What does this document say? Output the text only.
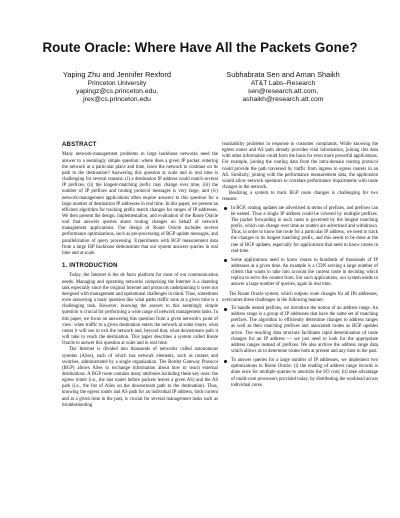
Route Oracle: Where Have All the Packets Gone?
Yaping Zhu and Jennifer Rexford
Princeton University
yapingz@cs.princeton.edu,
jrex@cs.princeton.edu
Subhabrata Sen and Aman Shaikh
AT&T Labs–Research
sen@research.att.com,
ashaikh@research.att.com
ABSTRACT

Many network-management problems in large backbone networks need the answer to a seemingly simple question: where does a given IP packet, entering the network at a particular place and time, leave the network to continue on its path to the destination? Answering this question at scale and in real time is challenging for several reasons: (i) a destination IP address could match several IP prefixes, (ii) the longest-matching prefix may change over time, (iii) the number of IP prefixes and routing protocol messages is very large, and (iv) network-management applications often require answers to this question for a large number of destination IP addresses in real time. In this paper, we present an efficient algorithm for tracking prefix match changes for ranges of IP addresses. We then present the design, implementation, and evaluation of the Route Oracle tool that answers queries about routing changes on behalf of network management applications. Our design of Route Oracle includes several performance optimizations, such as pre-processing of BGP update messages, and parallelization of query processing. Experiments with BGP measurement data from a large ISP backbone demonstrate that our system answers queries in real time and at scale.

1. INTRODUCTION

Today, the Internet is the de facto platform for most of our communication needs. Managing and operating networks comprising the Internet is a daunting task especially since the original Internet and protocols underpinning it were not designed with management and operational challenges in mind. Thus, sometimes even answering a basic question like what paths traffic took at a given time is a challenging task. However, knowing the answer to this seemingly simple question is crucial for performing a wide range of network management tasks. In this paper, we focus on answering this question from a given network's point of view: when traffic to a given destination enters the network at some router, what router it will use to exit the network and, beyond that, what downstream path it will take to reach the destination. This paper describes a system called Route Oracle to answer this question at scale and in real time.

The Internet is divided into thousands of networks called autonomous systems (ASes), each of which has network elements, such as routers and switches, administrated by a single organization. The Border Gateway Protocol (BGP) allows ASes to exchange information about how to reach external destinations. A BGP route contains many attributes including these key ones: the egress router (i.e., the last router before packets leaves a given AS) and the AS path (i.e., the list of ASes on the downstream path to the destination). Thus, knowing the egress router and AS path for an individual IP address, both current and at a given time in the past, is crucial for several management tasks such as troubleshooting

reachability problems in response to customer complaints. While knowing the egress router and AS path already provides vital information, joining this data with other information could form the basis for even more powerful applications. For example, joining the routing data from the intra-domain routing protocol could provide the path traversed by traffic from ingress to egress routers in an AS. Similarly, joining with the performance measurement data, the application would allow network operators to correlate performance impairments with route changes in the network.

Realizing a system to track BGP route changes is challenging for two reasons:

In BGP, routing updates are advertised in terms of prefixes, and prefixes can be nested. Thus a single IP address could be covered by multiple prefixes. The packet forwarding in such cases is governed by the longest matching prefix, which can change over time as routers are advertised and withdrawn. Thus, in order to know the route for a particular IP address, we need to track the changes to its longest matching prefix, and this needs to be done at the rate of BGP updates, especially for applications that need to know routes in real-time.
Some applications need to know routes to hundreds of thousands of IP addresses at a given time. An example is a CDN serving a large number of clients that wants to take into account the current route in deciding which replica to serve the content from. For such applications, our system needs to answer a large number of queries, again in real time.

The Route Oracle system, which outputs route changes for all IPs addresses, overcomes these challenges in the following manner:

To handle nested prefixes, we introduce the notion of an address range. An address range is a group of IP addresses that have the same set of matching prefixes. The algorithm to efficiently determine changes to address ranges as well as their matching prefixes and associated routes as BGP updates arrive. The resulting data structure facilitates rapid determination of route changes for an IP address — we just need to look for the appropriate address ranges instead of prefixes. We also archive the address range data which allows us to determine routes both at present and any time in the past.
To answer queries for a large number of IP addresses, we implement two optimizations to Route Oracle: (i) the reading of address range records is done once for multiple queries to amortize the I/O cost; (ii) take advantage of multi-core processors provided today, by distributing the workload across individual cores.
